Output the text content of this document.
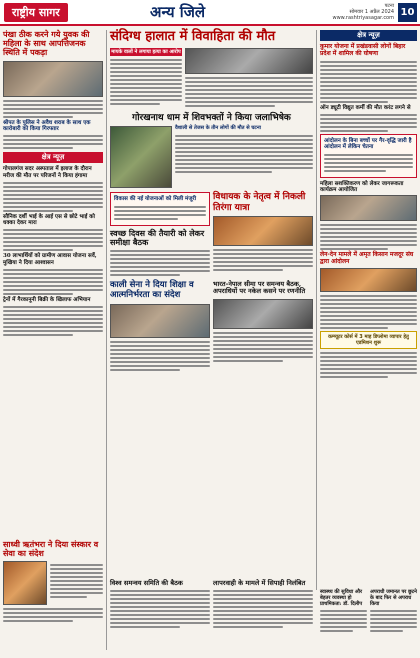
राष्ट्रीय सागर	अन्य जिले	पटना
सोमवार 1 अप्रैल 2024
www.rashtriyasagar.com 10
पंखा ठीक करने गये युवक की महिला के साथ आपत्तिजनक स्थिति में पकड़ा
श्रीपत के पुलिस ने अवैध शराब के साथ एक कारोबारी को किया गिरफ्तार
क्षेत्र न्यूज़
गोपालगंज सदर अस्पताल में इलाज के दौरान मरीज की मौत पर परिजनों ने किया हंगामा
सौनिक दर्शी भाई के आई एस से छोटे भाई को धक्का देकर मारा
30 लाभार्थियों को ग्रामीण आवास योजना सर्वे, मुखिया ने दिया आश्वासन
ट्रेनों में गैरकानूनी बिक्री के खिलाफ अभियान
साध्वी ऋतंभरा ने दिया संस्कार व सेवा का संदेश
संदिग्ध हालात में विवाहिता की मौत
मायके वालों ने लगाया हत्या का आरोप
गोरखनाथ धाम में शिवभक्तों ने किया जलाभिषेक
वैशाली से तेजस के तीन लोगों की मौत से घटना
विकास की नई योजनाओं को मिली मंजूरी
स्वच्छ दिवस की तैयारी को लेकर समीक्षा बैठक
विधायक के नेतृत्व में निकली तिरंगा यात्रा
काली सेना ने दिया शिक्षा व आत्मनिर्भरता का संदेश
भारत-नेपाल सीमा पर समन्वय बैठक, अपराधियों पर नकेल कसने पर रणनीति
विश्व समन्वय समिति की बैठक	लापरवाही के मामले में सिपाही निलंबित
क्षेत्र न्यूज़
कुमार योजना में प्रखंडवासी लोगों बिहार प्रदेश में शामिल की घोषणा
ऑन ड्यूटी विद्युत कर्मी की मौत करंट लगने से
आंदोलन के बिना बच्चों पर गैर-वृद्धि जारी है आंदोलन में लेकिन चेतना
महिला सशक्तिकरण को लेकर जागरूकता कार्यक्रम आयोजित
लेन-देन मामले में अमृत किसान मजदूर संघ द्वारा आंदोलन
कम्प्यूटर कोर्स में 3 माह डिप्लोमा व्यापार हेतु एडमिशन शुरू
स्वास्थ्य की सुविधा और बेहतर व्यवस्था हो प्राथमिकता: डॉ. दिलीप
अपराधी जमानत पर छूटने के बाद फिर से अपराध किया
